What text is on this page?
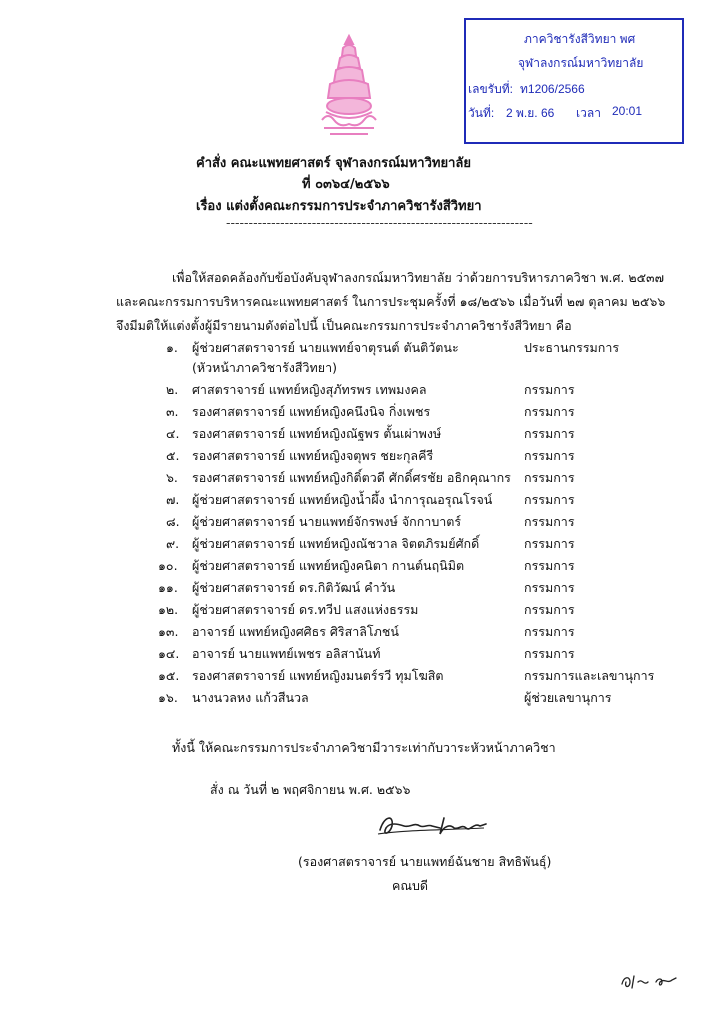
ภาควิชารังสีวิทยา พศ
จุฬาลงกรณ์มหาวิทยาลัย
เลขรับที่: ท1206/2566
วันที่: 2 พ.ย. 66 เวลา 20:01
คำสั่ง คณะแพทยศาสตร์ จุฬาลงกรณ์มหาวิทยาลัย
ที่ ๐๓๖๔/๒๕๖๖
เรื่อง แต่งตั้งคณะกรรมการประจำภาควิชารังสีวิทยา
--------------------------------------------------------------------
เพื่อให้สอดคล้องกับข้อบังคับจุฬาลงกรณ์มหาวิทยาลัย ว่าด้วยการบริหารภาควิชา พ.ศ. ๒๕๓๗
และคณะกรรมการบริหารคณะแพทยศาสตร์ ในการประชุมครั้งที่ ๑๘/๒๕๖๖ เมื่อวันที่ ๒๗ ตุลาคม ๒๕๖๖
จึงมีมติให้แต่งตั้งผู้มีรายนามดังต่อไปนี้ เป็นคณะกรรมการประจำภาควิชารังสีวิทยา คือ
๑. ผู้ช่วยศาสตราจารย์ นายแพทย์จาตุรนต์ ตันติวัตนะ	ประธานกรรมการ
(หัวหน้าภาควิชารังสีวิทยา)
๒. ศาสตราจารย์ แพทย์หญิงสุภัทรพร เทพมงคล	กรรมการ
๓. รองศาสตราจารย์ แพทย์หญิงคนึงนิจ กิ่งเพชร	กรรมการ
๔. รองศาสตราจารย์ แพทย์หญิงณัฐพร ตั้นเผ่าพงษ์	กรรมการ
๕. รองศาสตราจารย์ แพทย์หญิงจตุพร ชยะกุลคีรี	กรรมการ
๖. รองศาสตราจารย์ แพทย์หญิงกิติ์ตวดี ศักดิ์ศรชัย อธิกคุณากร กรรมการ
๗. ผู้ช่วยศาสตราจารย์ แพทย์หญิงน้ำผึ้ง นำการุณอรุณโรจน์	กรรมการ
๘. ผู้ช่วยศาสตราจารย์ นายแพทย์จักรพงษ์ จักกาบาตร์	กรรมการ
๙. ผู้ช่วยศาสตราจารย์ แพทย์หญิงณัชวาล จิตตภิรมย์ศักดิ์	กรรมการ
๑๐. ผู้ช่วยศาสตราจารย์ แพทย์หญิงคนิตา กานต์นฤนิมิต	กรรมการ
๑๑. ผู้ช่วยศาสตราจารย์ ดร.กิติวัฒน์ คำวัน	กรรมการ
๑๒. ผู้ช่วยศาสตราจารย์ ดร.ทวีป แสงแห่งธรรม	กรรมการ
๑๓. อาจารย์ แพทย์หญิงศศิธร ศิริสาลิโภชน์	กรรมการ
๑๔. อาจารย์ นายแพทย์เพชร อลิสานันท์	กรรมการ
๑๕. รองศาสตราจารย์ แพทย์หญิงมนตร์รวี ทุมโฆสิต	กรรมการและเลขานุการ
๑๖. นางนวลหง แก้วสีนวล	ผู้ช่วยเลขานุการ
ทั้งนี้ ให้คณะกรรมการประจำภาควิชามีวาระเท่ากับวาระหัวหน้าภาควิชา
สั่ง ณ วันที่ ๒ พฤศจิกายน พ.ศ. ๒๕๖๖
(รองศาสตราจารย์ นายแพทย์ฉันชาย สิทธิพันธุ์)
คณบดี
